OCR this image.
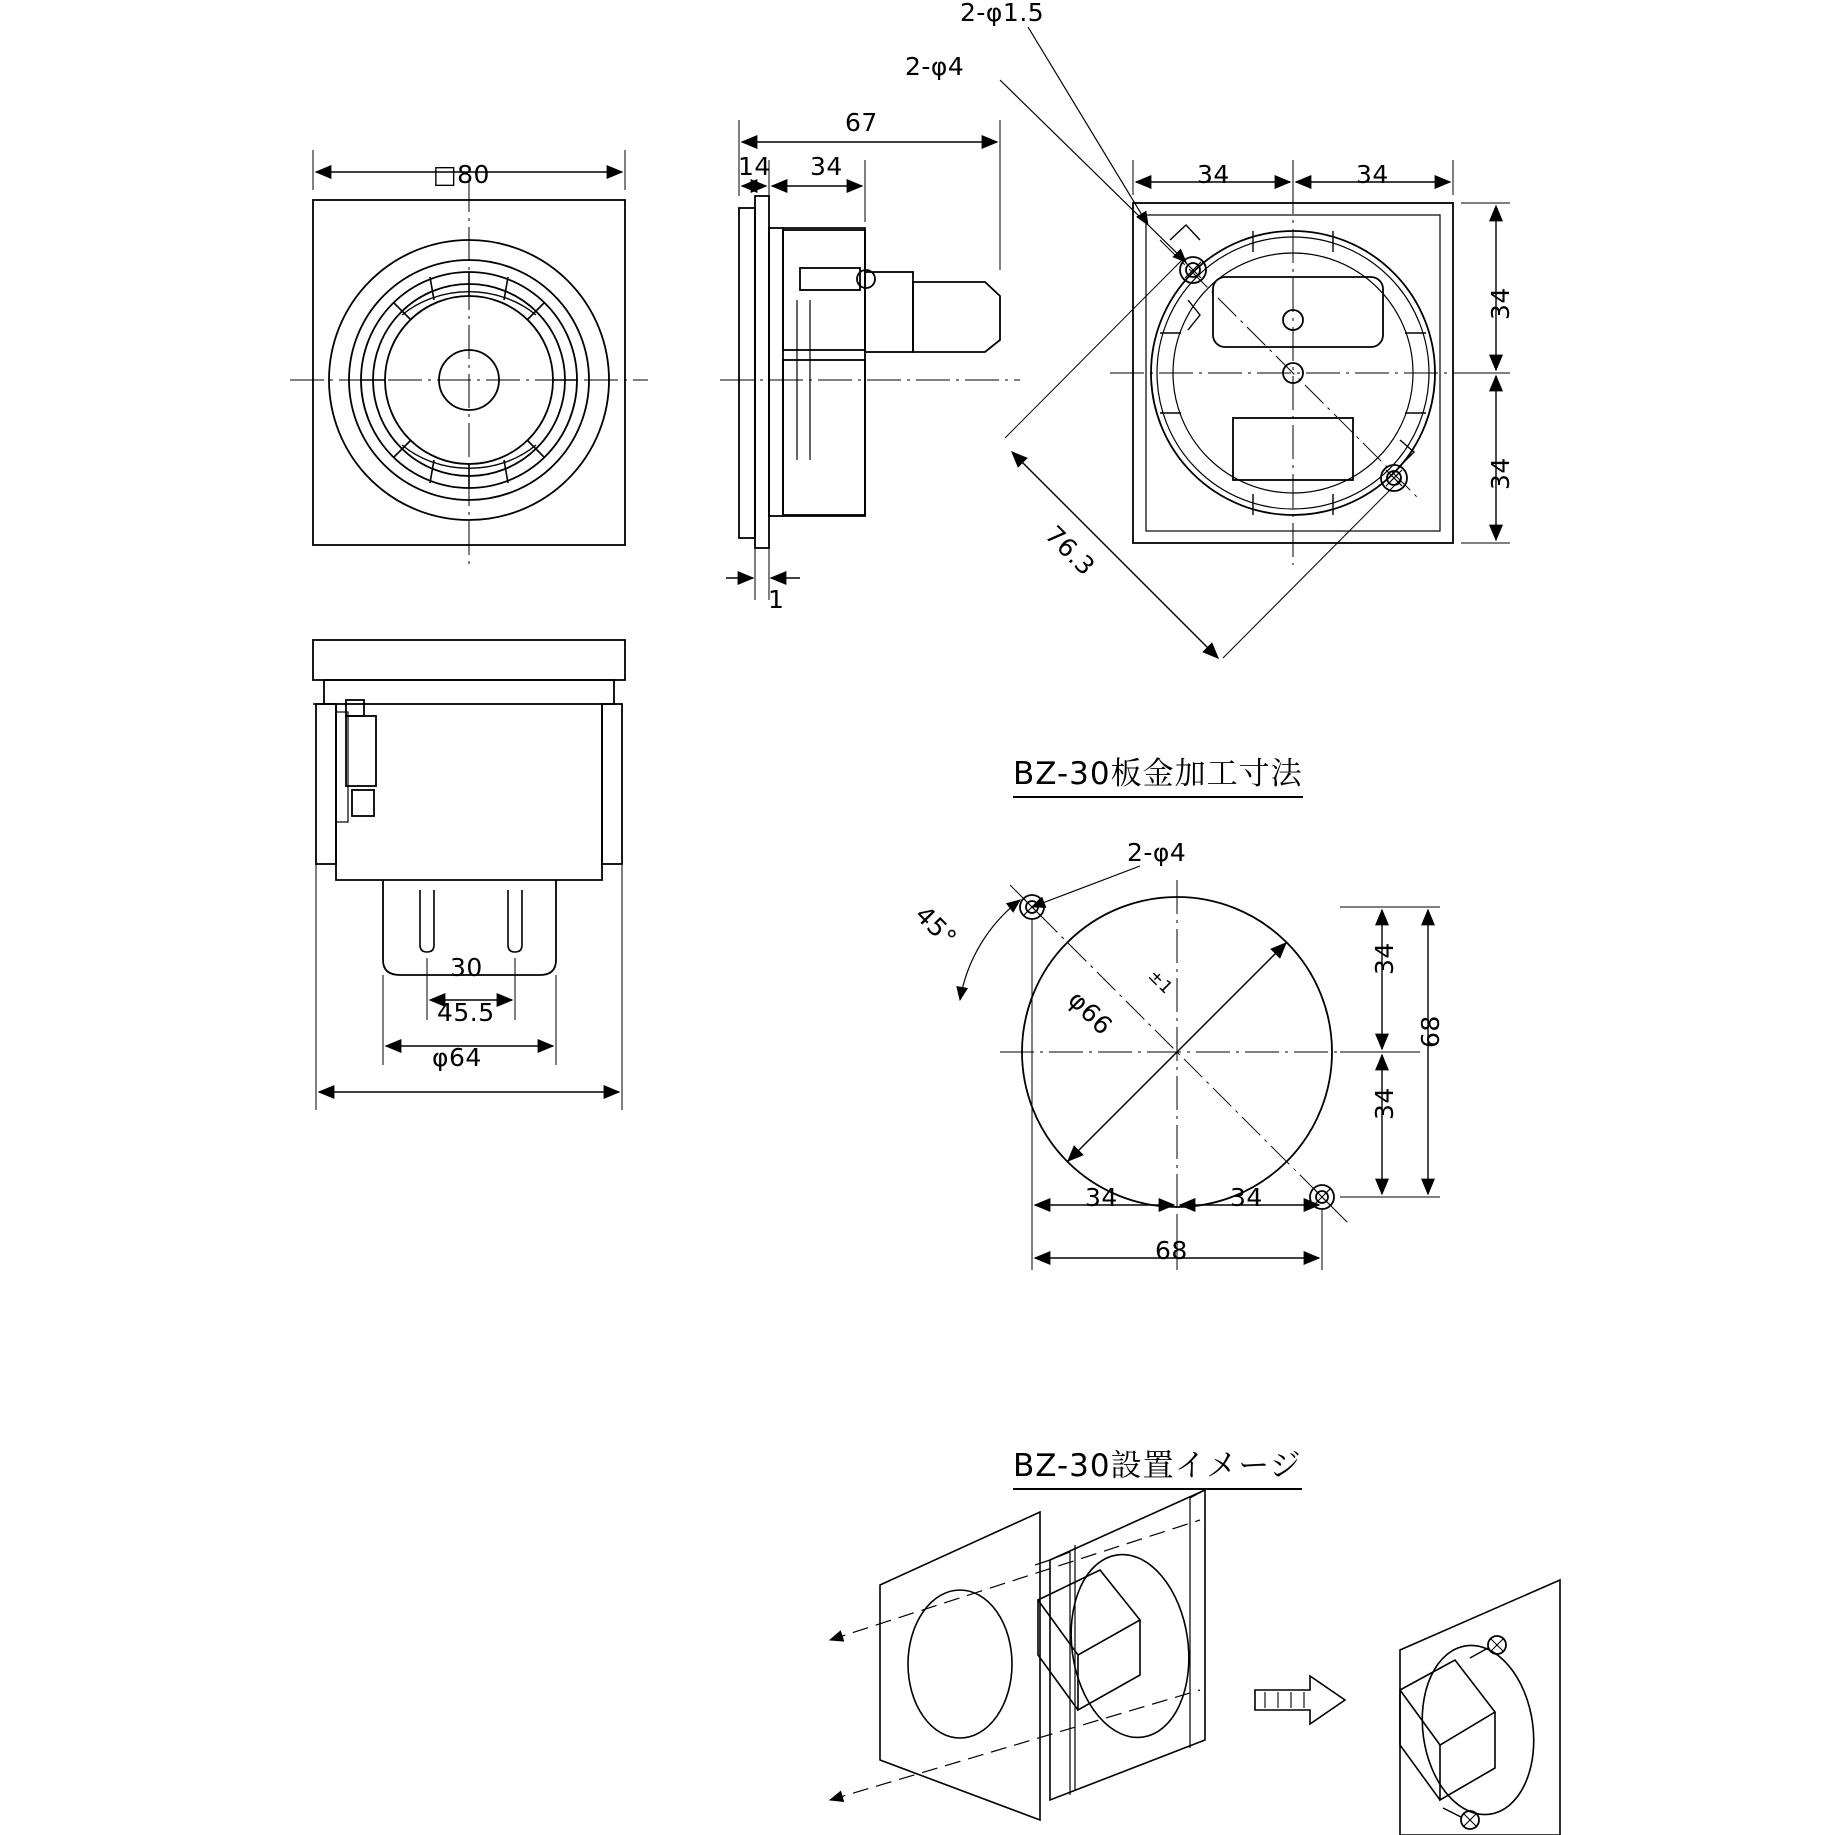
□80
67
14 34
1
2-φ1.5
2-φ4
34	34
34
34
76.3
30
45.5
φ64
BZ-30板金加工寸法
2-φ4
45°
φ66
±1
34
34
68
34	34
68
BZ-30設置イメージ
